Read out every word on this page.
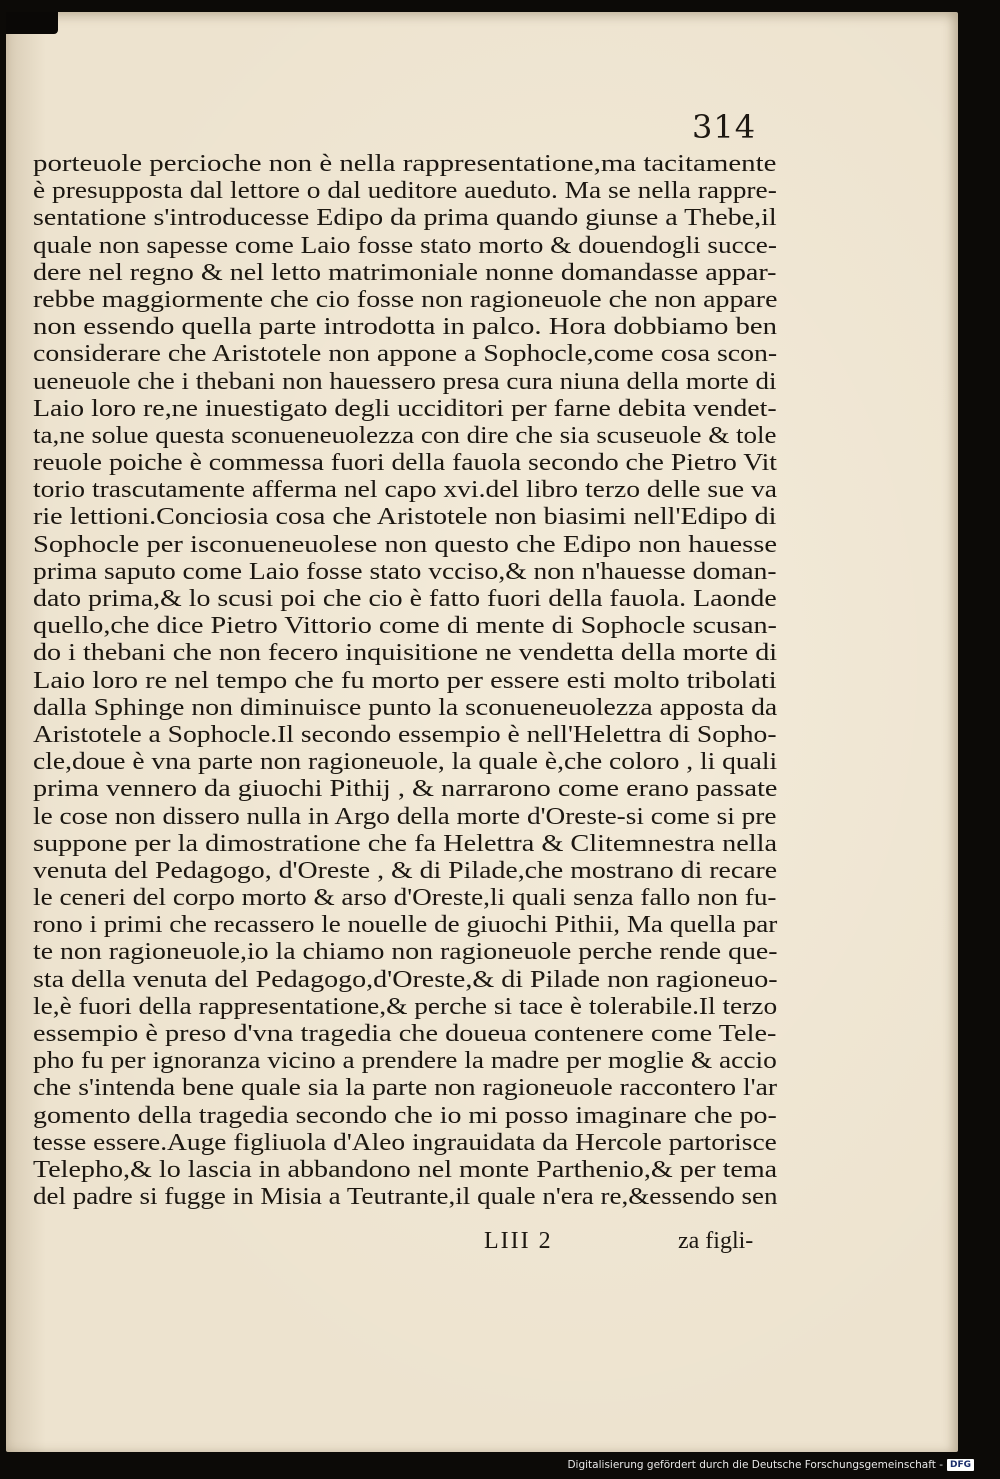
314
porteuole percioche non è nella rappresentatione,ma tacitamente
è presupposta dal lettore o dal ueditore aueduto. Ma se nella rappre-
sentatione s'introducesse Edipo da prima quando giunse a Thebe,il
quale non sapesse come Laio fosse stato morto & douendogli succe-
dere nel regno & nel letto matrimoniale nonne domandasse appar-
rebbe maggiormente che cio fosse non ragioneuole che non appare
non essendo quella parte introdotta in palco. Hora dobbiamo ben
considerare che Aristotele non appone a Sophocle,come cosa scon-
ueneuole che i thebani non hauessero presa cura niuna della morte di
Laio loro re,ne inuestigato degli ucciditori per farne debita vendet-
ta,ne solue questa sconueneuolezza con dire che sia scuseuole & tole
reuole poiche è commessa fuori della fauola secondo che Pietro Vit
torio trascutamente afferma nel capo xvi.del libro terzo delle sue va
rie lettioni.Conciosia cosa che Aristotele non biasimi nell'Edipo di
Sophocle per isconueneuolese non questo che Edipo non hauesse
prima saputo come Laio fosse stato vcciso,& non n'hauesse doman-
dato prima,& lo scusi poi che cio è fatto fuori della fauola. Laonde
quello,che dice Pietro Vittorio come di mente di Sophocle scusan-
do i thebani che non fecero inquisitione ne vendetta della morte di
Laio loro re nel tempo che fu morto per essere esti molto tribolati
dalla Sphinge non diminuisce punto la sconueneuolezza apposta da
Aristotele a Sophocle.Il secondo essempio è nell'Helettra di Sopho-
cle,doue è vna parte non ragioneuole, la quale è,che coloro , li quali
prima vennero da giuochi Pithij , & narrarono come erano passate
le cose non dissero nulla in Argo della morte d'Oreste-si come si pre
suppone per la dimostratione che fa Helettra & Clitemnestra nella
venuta del Pedagogo, d'Oreste , & di Pilade,che mostrano di recare
le ceneri del corpo morto & arso d'Oreste,li quali senza fallo non fu-
rono i primi che recassero le nouelle de giuochi Pithii, Ma quella par
te non ragioneuole,io la chiamo non ragioneuole perche rende que-
sta della venuta del Pedagogo,d'Oreste,& di Pilade non ragioneuo-
le,è fuori della rappresentatione,& perche si tace è tolerabile.Il terzo
essempio è preso d'vna tragedia che doueua contenere come Tele-
pho fu per ignoranza vicino a prendere la madre per moglie & accio
che s'intenda bene quale sia la parte non ragioneuole raccontero l'ar
gomento della tragedia secondo che io mi posso imaginare che po-
tesse essere.Auge figliuola d'Aleo ingrauidata da Hercole partorisce
Telepho,& lo lascia in abbandono nel monte Parthenio,& per tema
del padre si fugge in Misia a Teutrante,il quale n'era re,&essendo sen
LIII 2	za figli-
Digitalisierung gefördert durch die Deutsche Forschungsgemeinschaft - DFG
